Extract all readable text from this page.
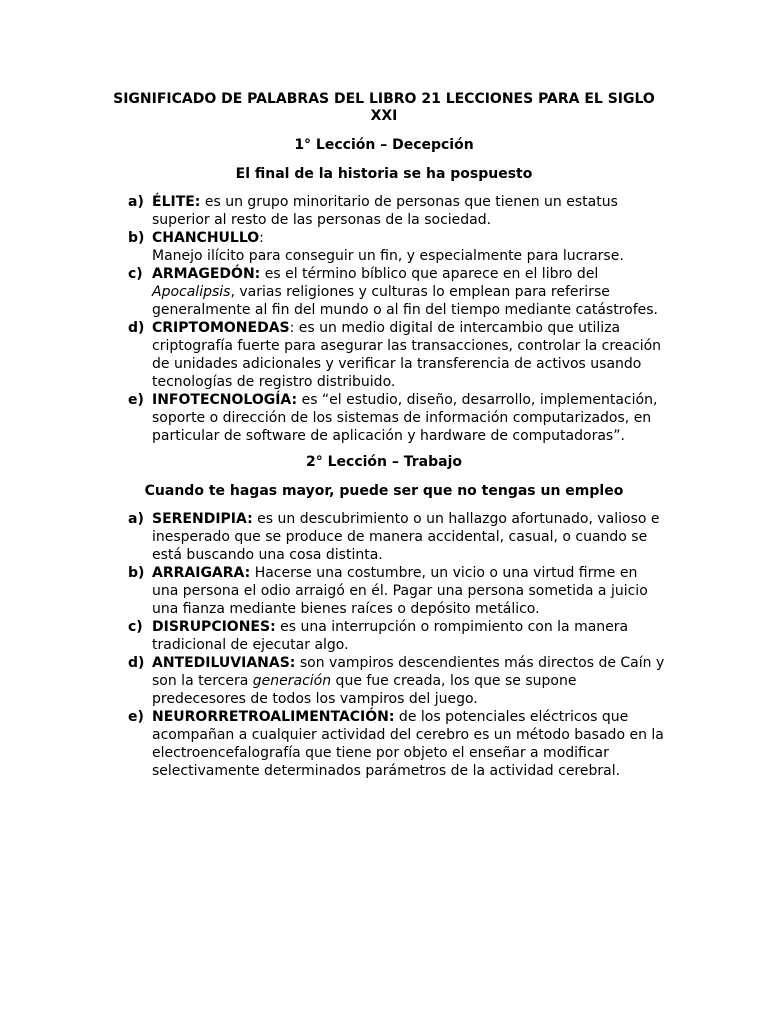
SIGNIFICADO DE PALABRAS DEL LIBRO 21 LECCIONES PARA EL SIGLO XXI
1° Lección – Decepción
El final de la historia se ha pospuesto
a) ÉLITE: es un grupo minoritario de personas que tienen un estatus superior al resto de las personas de la sociedad.
b) CHANCHULLO:
Manejo ilícito para conseguir un fin, y especialmente para lucrarse.
c) ARMAGEDÓN: es el término bíblico que aparece en el libro del Apocalipsis, varias religiones y culturas lo emplean para referirse generalmente al fin del mundo o al fin del tiempo mediante catástrofes.
d) CRIPTOMONEDAS: es un medio digital de intercambio que utiliza criptografía fuerte para asegurar las transacciones, controlar la creación de unidades adicionales y verificar la transferencia de activos usando tecnologías de registro distribuido.
e) INFOTECNOLOGÍA: es “el estudio, diseño, desarrollo, implementación, soporte o dirección de los sistemas de información computarizados, en particular de software de aplicación y hardware de computadoras”.
2° Lección – Trabajo
Cuando te hagas mayor, puede ser que no tengas un empleo
a) SERENDIPIA: es un descubrimiento o un hallazgo afortunado, valioso e inesperado que se produce de manera accidental, casual, o cuando se está buscando una cosa distinta.
b) ARRAIGARA: Hacerse una costumbre, un vicio o una virtud firme en una persona el odio arraigó en él. Pagar una persona sometida a juicio una fianza mediante bienes raíces o depósito metálico.
c) DISRUPCIONES: es una interrupción o rompimiento con la manera tradicional de ejecutar algo.
d) ANTEDILUVIANAS: son vampiros descendientes más directos de Caín y son la tercera generación que fue creada, los que se supone predecesores de todos los vampiros del juego.
e) NEURORRETROALIMENTACIÓN: de los potenciales eléctricos que acompañan a cualquier actividad del cerebro es un método basado en la electroencefalografía que tiene por objeto el enseñar a modificar selectivamente determinados parámetros de la actividad cerebral.
